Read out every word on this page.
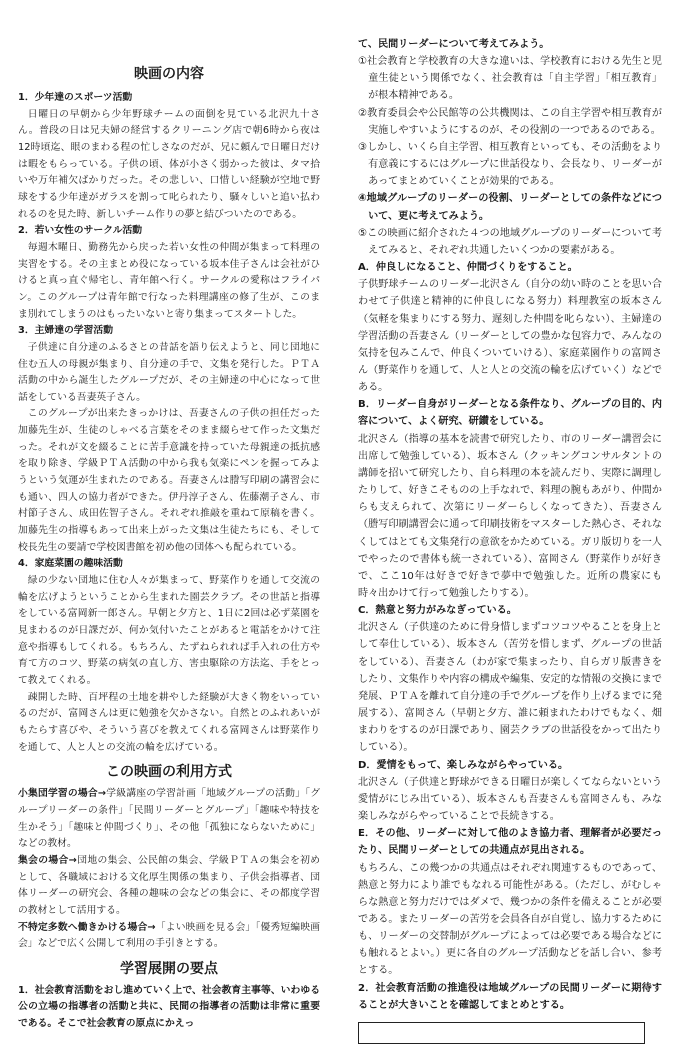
映画の内容

1．少年達のスポーツ活動

日曜日の早朝から少年野球チームの面倒を見ている北沢九十さん。普段の日は兄夫婦の経営するクリーニング店で朝6時から夜は12時頃迄、眼のまわる程の忙しさなのだが、兄に頼んで日曜日だけは暇をもらっている。子供の頃、体が小さく弱かった彼は、タマ拾いや万年補欠ばかりだった。その悲しい、口惜しい経験が空地で野球をする少年達がガラスを割って叱られたり、騒々しいと追い払われるのを見た時、新しいチーム作りの夢と結びついたのである。

2．若い女性のサークル活動

毎週木曜日、勤務先から戻った若い女性の仲間が集まって料理の実習をする。その主まとめ役になっている坂本佳子さんは会社がひけると真っ直ぐ帰宅し、青年館へ行く。サークルの愛称はフライパン。このグループは青年館で行なった料理講座の修了生が、このまま別れてしまうのはもったいないと寄り集まってスタートした。

3．主婦達の学習活動

子供達に自分達のふるさとの昔話を語り伝えようと、同じ団地に住む五人の母親が集まり、自分達の手で、文集を発行した。ＰＴＡ活動の中から誕生したグループだが、その主婦達の中心になって世話をしている吾妻英子さん。

このグループが出来たきっかけは、吾妻さんの子供の担任だった加藤先生が、生徒のしゃべる言葉をそのまま綴らせて作った文集だった。それが文を綴ることに苦手意識を持っていた母親達の抵抗感を取り除き、学級ＰＴＡ活動の中から我も気楽にペンを握ってみようという気運が生まれたのである。吾妻さんは謄写印刷の講習会にも通い、四人の協力者ができた。伊丹淳子さん、佐藤潮子さん、市村節子さん、成田佐智子さん。それぞれ推敲を重ねて原稿を書く。加藤先生の指導もあって出来上がった文集は生徒たちにも、そして校長先生の要請で学校図書館を初め他の団体へも配られている。

4．家庭菜園の趣味活動

緑の少ない団地に住む人々が集まって、野菜作りを通して交流の輪を広げようということから生まれた園芸クラブ。その世話と指導をしている富岡新一郎さん。早朝と夕方と、1日に2回は必ず菜園を見まわるのが日課だが、何か気付いたことがあると電話をかけて注意や指導もしてくれる。もちろん、たずねられれば手入れの仕方や育て方のコツ、野菜の病気の直し方、害虫駆除の方法迄、手をとって教えてくれる。

疎開した時、百坪程の土地を耕やした経験が大きく物をいっているのだが、富岡さんは更に勉強を欠かさない。自然とのふれあいがもたらす喜びや、そういう喜びを教えてくれる富岡さんは野菜作りを通して、人と人との交流の輪を広げている。

この映画の利用方式

小集団学習の場合→学級講座の学習計画「地域グループの活動」「グループリーダーの条件」「民間リーダーとグループ」「趣味や特技を生かそう」「趣味と仲間づくり」、その他「孤独にならないために」などの教材。

集会の場合→団地の集会、公民館の集会、学級ＰＴＡの集会を初めとして、各職域における文化厚生関係の集まり、子供会指導者、団体リーダーの研究会、各種の趣味の会などの集会に、その都度学習の教材として活用する。

不特定多数へ働きかける場合→「よい映画を見る会」「優秀短編映画会」などで広く公開して利用の手引きとする。

学習展開の要点

1．社会教育活動をおし進めていく上で、社会教育主事等、いわゆる公の立場の指導者の活動と共に、民間の指導者の活動は非常に重要である。そこで社会教育の原点にかえっ

て、民間リーダーについて考えてみよう。

①社会教育と学校教育の大きな違いは、学校教育における先生と児童生徒という関係でなく、社会教育は「自主学習」「相互教育」が根本精神である。

②教育委員会や公民館等の公共機関は、この自主学習や相互教育が実施しやすいようにするのが、その役割の一つであるのである。

③しかし、いくら自主学習、相互教育といっても、その活動をより有意義にするにはグループに世話役なり、会長なり、リーダーがあってまとめていくことが効果的である。

④地域グループのリーダーの役割、リーダーとしての条件などについて、更に考えてみよう。

⑤この映画に紹介された４つの地域グループのリーダーについて考えてみると、それぞれ共通したいくつかの要素がある。

A．仲良しになること、仲間づくりをすること。

子供野球チームのリーダー北沢さん（自分の幼い時のことを思い合わせて子供達と精神的に仲良しになる努力）料理教室の坂本さん（気軽を集まりにする努力、遅刻した仲間を叱らない）、主婦達の学習活動の吾妻さん（リーダーとしての豊かな包容力で、みんなの気持を包みこんで、仲良くついていける）、家庭菜園作りの富岡さん（野菜作りを通して、人と人との交流の輪を広げていく）などである。

B．リーダー自身がリーダーとなる条件なり、グループの目的、内容について、よく研究、研鑚をしている。

北沢さん（指導の基本を読書で研究したり、市のリーダー講習会に出席して勉強している）、坂本さん（クッキングコンサルタントの講師を招いて研究したり、自ら料理の本を読んだり、実際に調理したりして、好きこそものの上手なれで、料理の腕もあがり、仲間からも支えられて、次第にリーダーらしくなってきた）、吾妻さん（謄写印刷講習会に通って印刷技術をマスターした熱心さ、それなくしてはとても文集発行の意欲をかためている。ガリ版切りを一人でやったので書体も統一されている）、富岡さん（野菜作りが好きで、ここ10年は好きで好きで夢中で勉強した。近所の農家にも時々出かけて行って勉強したりする）。

C．熱意と努力がみなぎっている。

北沢さん（子供達のために骨身惜しまずコツコツやることを身上として奉仕している）、坂本さん（苦労を惜しまず、グループの世話をしている）、吾妻さん（わが家で集まったり、自らガリ版書きをしたり、文集作りや内容の構成や編集、安定的な情報の交換にまで発展、ＰＴＡを離れて自分達の手でグループを作り上げるまでに発展する）、富岡さん（早朝と夕方、誰に頼まれたわけでもなく、畑まわりをするのが日課であり、園芸クラブの世話役をかって出たりしている）。

D．愛情をもって、楽しみながらやっている。

北沢さん（子供達と野球ができる日曜日が楽しくてならないという愛情がにじみ出ている）、坂本さんも吾妻さんも富岡さんも、みな楽しみながらやっていることで長続きする。

E．その他、リーダーに対して他のよき協力者、理解者が必要だったり、民間リーダーとしての共通点が見出される。

もちろん、この幾つかの共通点はそれぞれ関連するものであって、熱意と努力により誰でもなれる可能性がある。（ただし、がむしゃらな熱意と努力だけではダメで、幾つかの条件を備えることが必要である。またリーダーの苦労を会員各自が自覚し、協力するためにも、リーダーの交替制がグループによっては必要である場合などにも触れるとよい。）更に各自のグループ活動などを話し合い、参考とする。

2．社会教育活動の推進役は地域グループの民間リーダーに期待することが大きいことを確認してまとめとする。
